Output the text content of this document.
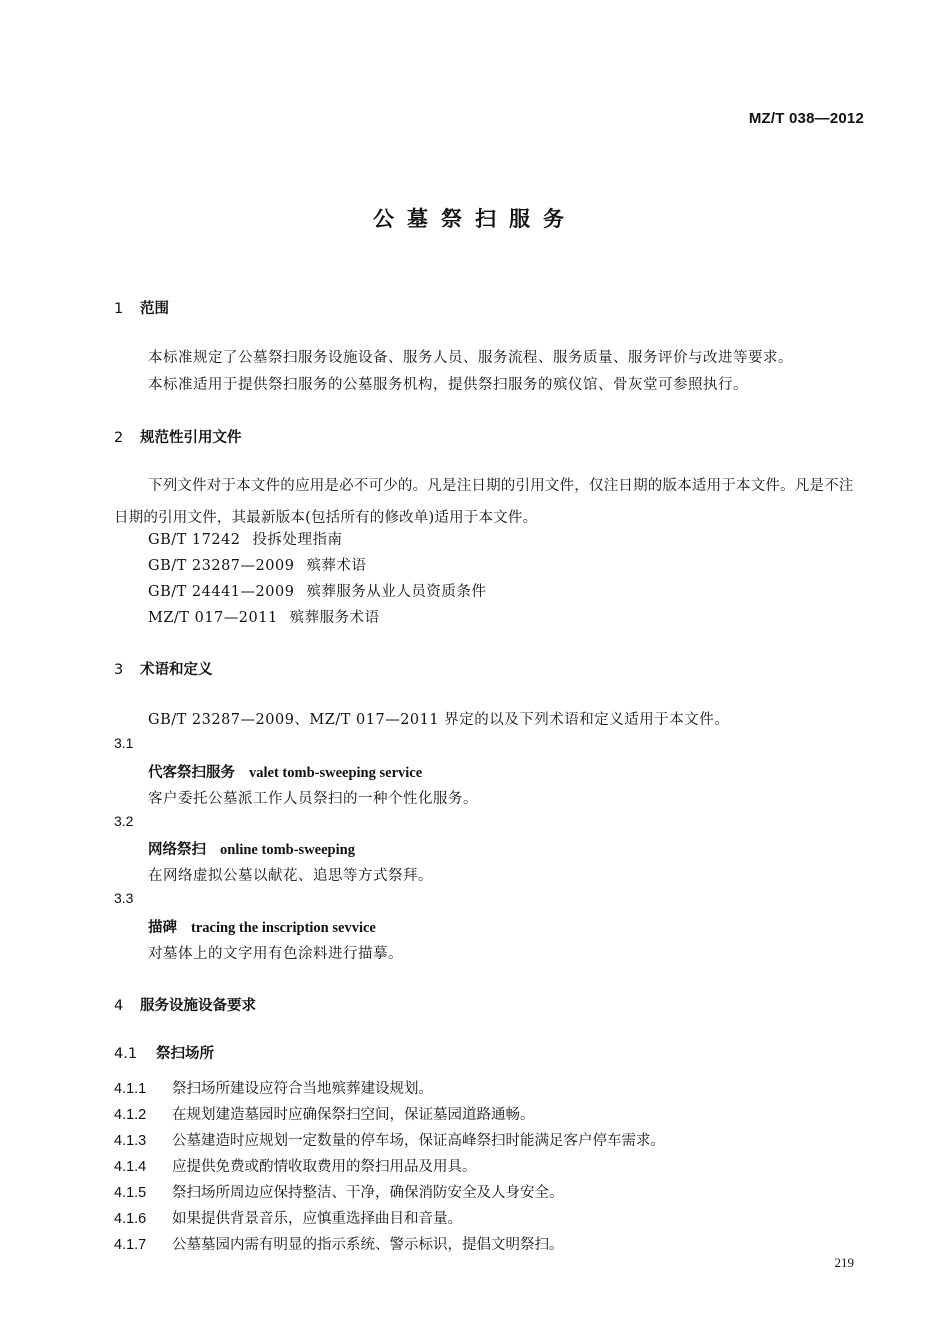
MZ/T 038—2012
公墓祭扫服务
1 范围
本标准规定了公墓祭扫服务设施设备、服务人员、服务流程、服务质量、服务评价与改进等要求。
本标准适用于提供祭扫服务的公墓服务机构，提供祭扫服务的殡仪馆、骨灰堂可参照执行。
2 规范性引用文件
下列文件对于本文件的应用是必不可少的。凡是注日期的引用文件，仅注日期的版本适用于本文件。凡是不注日期的引用文件，其最新版本(包括所有的修改单)适用于本文件。
GB/T 17242 投拆处理指南
GB/T 23287—2009 殡葬术语
GB/T 24441—2009 殡葬服务从业人员资质条件
MZ/T 017—2011 殡葬服务术语
3 术语和定义
GB/T 23287—2009、MZ/T 017—2011 界定的以及下列术语和定义适用于本文件。
3.1
代客祭扫服务 valet tomb-sweeping service
客户委托公墓派工作人员祭扫的一种个性化服务。
3.2
网络祭扫 online tomb-sweeping
在网络虚拟公墓以献花、追思等方式祭拜。
3.3
描碑 tracing the inscription sevvice
对墓体上的文字用有色涂料进行描摹。
4 服务设施设备要求
4.1 祭扫场所
4.1.1 祭扫场所建设应符合当地殡葬建设规划。
4.1.2 在规划建造墓园时应确保祭扫空间，保证墓园道路通畅。
4.1.3 公墓建造时应规划一定数量的停车场，保证高峰祭扫时能满足客户停车需求。
4.1.4 应提供免费或酌情收取费用的祭扫用品及用具。
4.1.5 祭扫场所周边应保持整洁、干净，确保消防安全及人身安全。
4.1.6 如果提供背景音乐，应慎重选择曲目和音量。
4.1.7 公墓墓园内需有明显的指示系统、警示标识，提倡文明祭扫。
219
